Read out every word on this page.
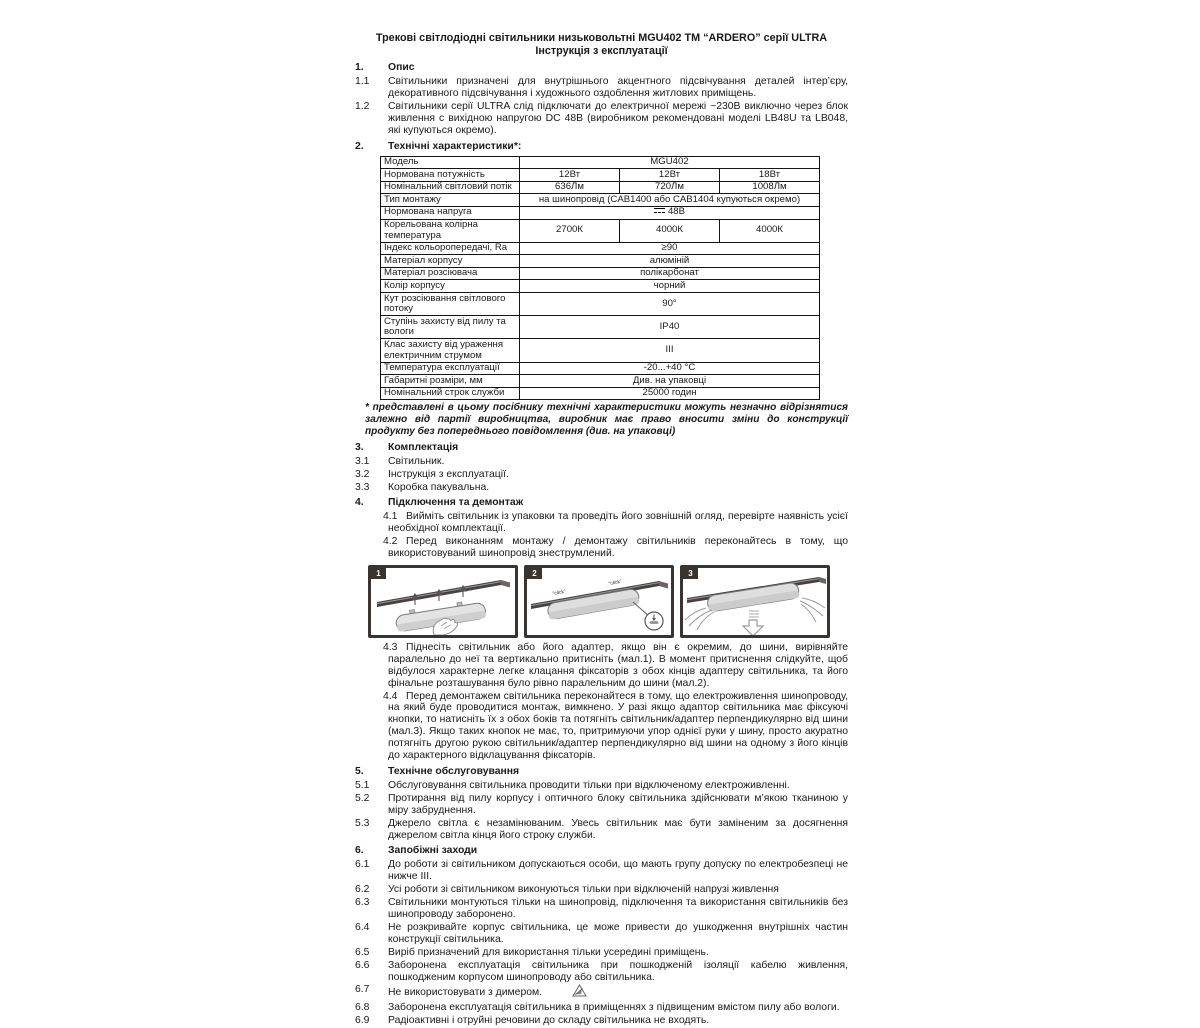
Трекові світлодіодні світильники низьковольтні MGU402 ТМ “ARDERO” серії ULTRA
Інструкція з експлуатації
1. Опис
1.1 Світильники призначені для внутрішнього акцентного підсвічування деталей інтер’єру, декоративного підсвічування і художнього оздоблення житлових приміщень.
1.2 Світильники серії ULTRA слід підключати до електричної мережі ~230В виключно через блок живлення с вихідною напругою DC 48В (виробником рекомендовані моделі LB48U та LB048, які купуються окремо).
2. Технічні характеристики*:
Модель	MGU402		
Нормована потужність	12Вт	12Вт	18Вт
Номінальний світловий потік	636Лм	720Лм	1008Лм
Тип монтажу	на шинопровід (CAB1400 або CAB1404 купуються окремо)		
Нормована напруга	48В		
Корельована колірна температура	2700К	4000К	4000К
Індекс кольоропередачі, Ra	≥90		
Матеріал корпусу	алюміній		
Матеріал розсіювача	полікарбонат		
Колір корпусу	чорний		
Кут розсіювання світлового потоку	90°		
Ступінь захисту від пилу та вологи	IP40		
Клас захисту від ураження електричним струмом	III		
Температура експлуатації	-20...+40 °С		
Габаритні розміри, мм	Див. на упаковці		
Номінальний строк служби	25000 годин		
* представлені в цьому посібнику технічні характеристики можуть незначно відрізнятися залежно від партії виробництва, виробник має право вносити зміни до конструкції продукту без попереднього повідомлення (див. на упаковці)
3. Комплектація
3.1 Світильник.
3.2 Інструкція з експлуатації.
3.3 Коробка пакувальна.
4. Підключення та демонтаж
4.1 Вийміть світильник із упаковки та проведіть його зовнішній огляд, перевірте наявність усієї необхідної комплектації.
4.2 Перед виконанням монтажу / демонтажу світильників переконайтесь в тому, що використовуваний шинопровід знеструмлений.
1	2
“click”
“click”
3
4.3 Піднесіть світильник або його адаптер, якщо він є окремим, до шини, вирівняйте паралельно до неї та вертикально притисніть (мал.1). В момент притиснення слідкуйте, щоб відбулося характерне легке клацання фіксаторів з обох кінців адаптеру світильника, та його фінальне розташування було рівно паралельним до шини (мал.2).
4.4 Перед демонтажем світильника переконайтеся в тому, що електроживлення шинопроводу, на який буде проводитися монтаж, вимкнено. У разі якщо адаптор світильника має фіксуючі кнопки, то натисніть їх з обох боків та потягніть світильник/адаптер перпендикулярно від шини (мал.3). Якщо таких кнопок не має, то, притримуючи упор однієї руки у шину, просто акуратно потягніть другою рукою світильник/адаптер перпендикулярно від шини на одному з його кінців до характерного відклацування фіксаторів.
5. Технічне обслуговування
5.1 Обслуговування світильника проводити тільки при відключеному електроживленні.
5.2 Протирання від пилу корпусу і оптичного блоку світильника здійснювати м’якою тканиною у міру забруднення.
5.3 Джерело світла є незамінюваним. Увесь світильник має бути заміненим за досягнення джерелом світла кінця його строку служби.
6. Запобіжні заходи
6.1 До роботи зі світильником допускаються особи, що мають групу допуску по електробезпеці не нижче III.
6.2 Усі роботи зі світильником виконуються тільки при відключеній напрузі живлення
6.3 Світильники монтуються тільки на шинопровід, підключення та використання світильників без шинопроводу заборонено.
6.4 Не розкривайте корпус світильника, це може привести до ушкодження внутрішніх частин конструкції світильника.
6.5 Виріб призначений для використання тільки усередині приміщень.
6.6 Заборонена експлуатація світильника при пошкодженій ізоляції кабелю живлення, пошкодженим корпусом шинопроводу або світильника.
6.7 Не використовувати з димером.
6.8 Заборонена експлуатація світильника в приміщеннях з підвищеним вмістом пилу або вологи.
6.9 Радіоактивні і отруйні речовини до складу світильника не входять.
